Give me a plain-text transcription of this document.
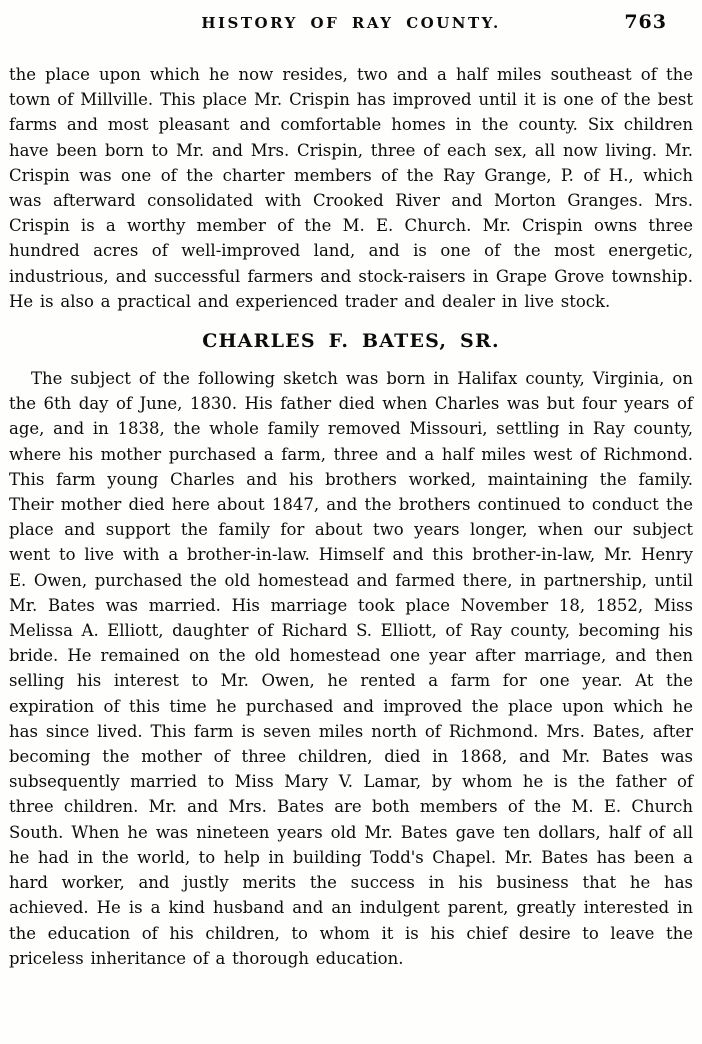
HISTORY OF RAY COUNTY.	763

the place upon which he now resides, two and a half miles southeast of the town of Millville. This place Mr. Crispin has improved until it is one of the best farms and most pleasant and comfortable homes in the county. Six children have been born to Mr. and Mrs. Crispin, three of each sex, all now living. Mr. Crispin was one of the charter members of the Ray Grange, P. of H., which was afterward consolidated with Crooked River and Morton Granges. Mrs. Crispin is a worthy member of the M. E. Church. Mr. Crispin owns three hundred acres of well-improved land, and is one of the most energetic, industrious, and successful farmers and stock-raisers in Grape Grove township. He is also a practical and experienced trader and dealer in live stock.

CHARLES F. BATES, SR.

The subject of the following sketch was born in Halifax county, Virginia, on the 6th day of June, 1830. His father died when Charles was but four years of age, and in 1838, the whole family removed Missouri, settling in Ray county, where his mother purchased a farm, three and a half miles west of Richmond. This farm young Charles and his brothers worked, maintaining the family. Their mother died here about 1847, and the brothers continued to conduct the place and support the family for about two years longer, when our subject went to live with a brother-in-law. Himself and this brother-in-law, Mr. Henry E. Owen, purchased the old homestead and farmed there, in partnership, until Mr. Bates was married. His marriage took place November 18, 1852, Miss Melissa A. Elliott, daughter of Richard S. Elliott, of Ray county, becoming his bride. He remained on the old homestead one year after marriage, and then selling his interest to Mr. Owen, he rented a farm for one year. At the expiration of this time he purchased and improved the place upon which he has since lived. This farm is seven miles north of Richmond. Mrs. Bates, after becoming the mother of three children, died in 1868, and Mr. Bates was subsequently married to Miss Mary V. Lamar, by whom he is the father of three children. Mr. and Mrs. Bates are both members of the M. E. Church South. When he was nineteen years old Mr. Bates gave ten dollars, half of all he had in the world, to help in building Todd's Chapel. Mr. Bates has been a hard worker, and justly merits the success in his business that he has achieved. He is a kind husband and an indulgent parent, greatly interested in the education of his children, to whom it is his chief desire to leave the priceless inheritance of a thorough education.
